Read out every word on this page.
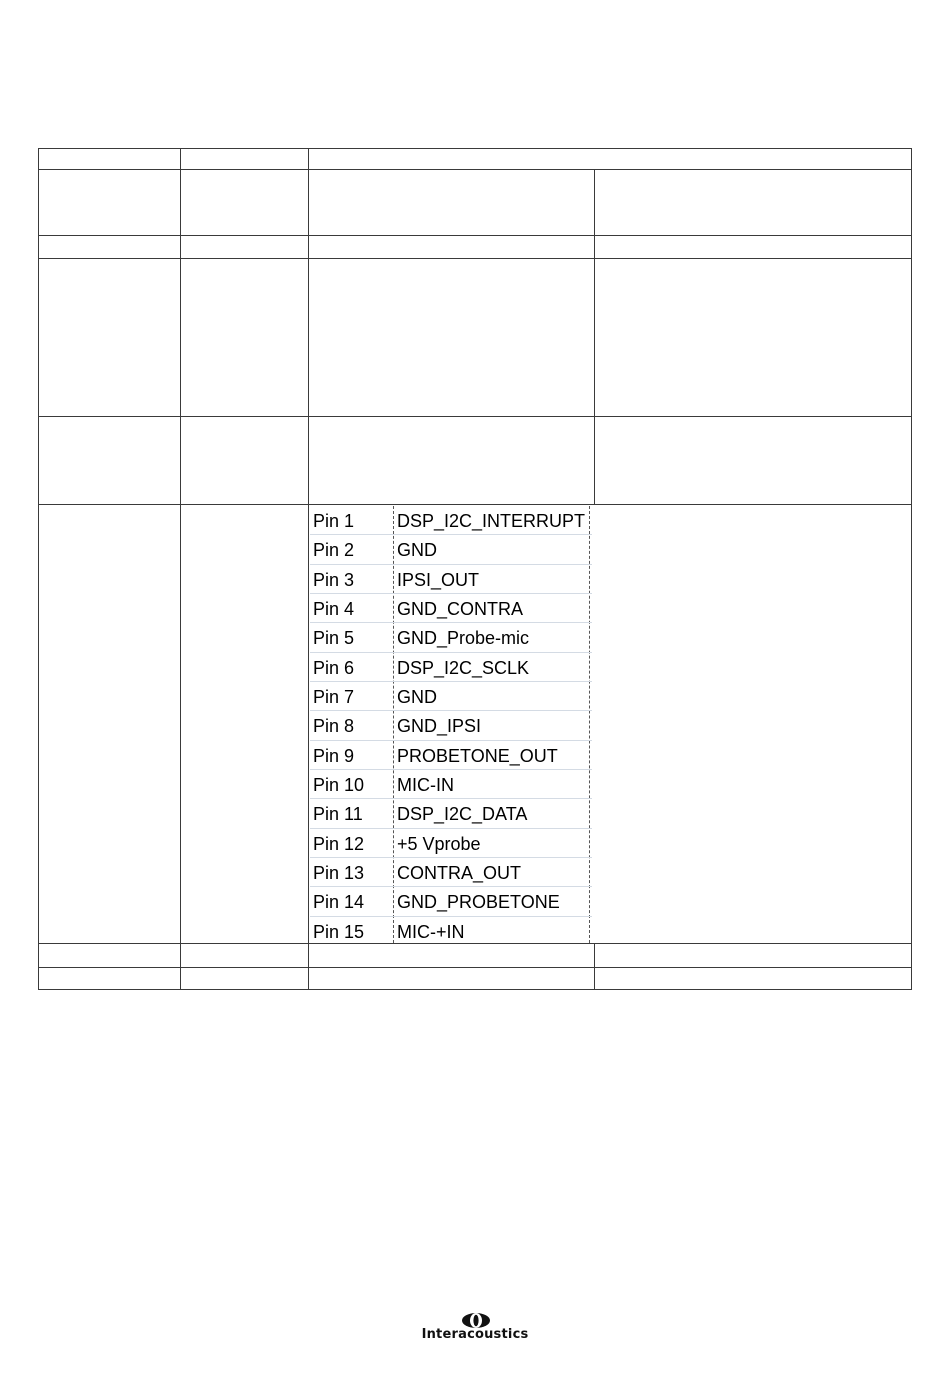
Pin 1 DSP_I2C_INTERRUPT
Pin 2 GND
Pin 3 IPSI_OUT
Pin 4 GND_CONTRA
Pin 5 GND_Probe-mic
Pin 6 DSP_I2C_SCLK
Pin 7 GND
Pin 8 GND_IPSI
Pin 9 PROBETONE_OUT
Pin 10 MIC-IN
Pin 11 DSP_I2C_DATA
Pin 12 +5 Vprobe
Pin 13 CONTRA_OUT
Pin 14 GND_PROBETONE
Pin 15 MIC-+IN
Interacoustics
